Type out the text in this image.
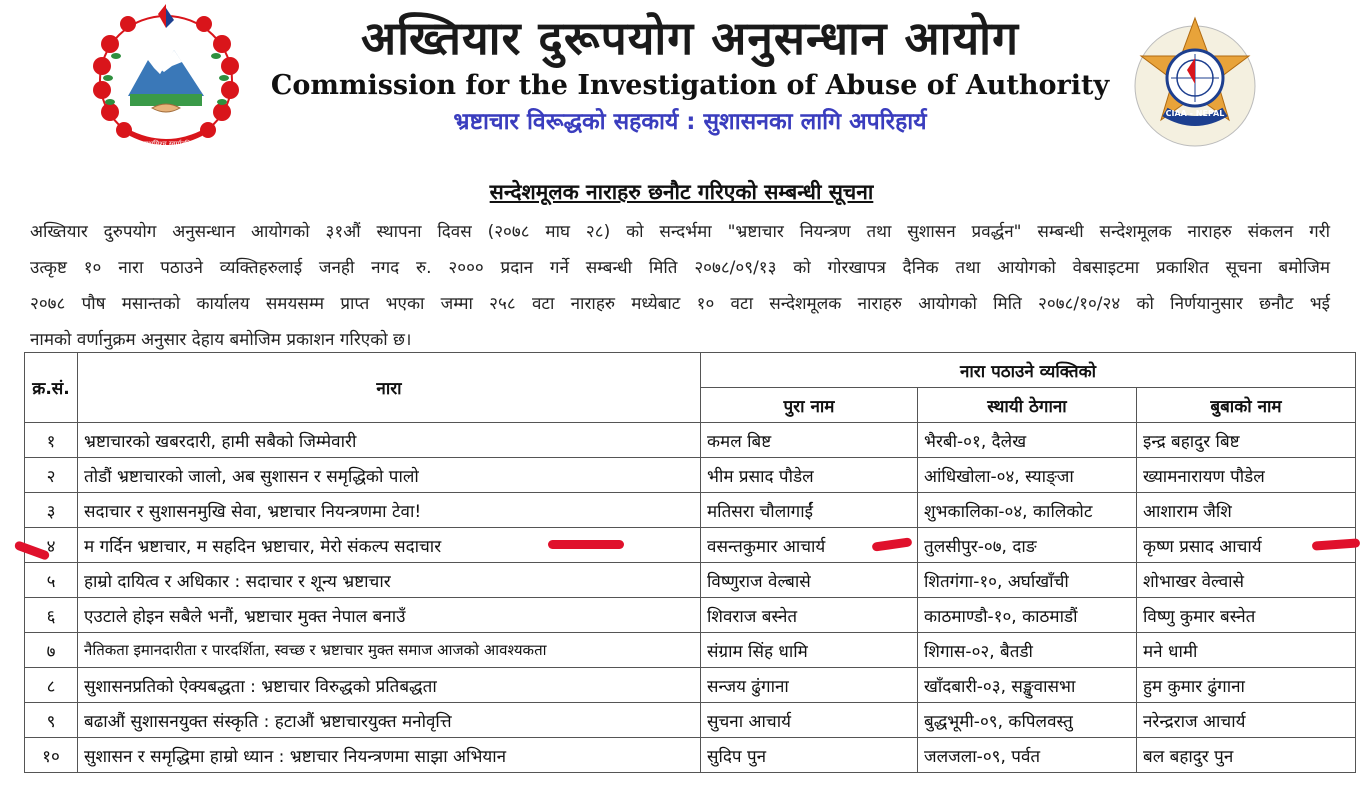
जननी जन्मभूमिश्च स्वर्गादपि गरीयसी
CIAA - NEPAL
अख्तियार दुरूपयोग अनुसन्धान आयोग
Commission for the Investigation of Abuse of Authority
भ्रष्टाचार विरूद्धको सहकार्य : सुशासनका लागि अपरिहार्य
सन्देशमूलक नाराहरु छनौट गरिएको सम्बन्धी सूचना

अख्तियार दुरुपयोग अनुसन्धान आयोगको ३१औं स्थापना दिवस (२०७८ माघ २८) को सन्दर्भमा "भ्रष्टाचार नियन्त्रण तथा सुशासन प्रवर्द्धन" सम्बन्धी सन्देशमूलक नाराहरु संकलन गरी
उत्कृष्ट १० नारा पठाउने व्यक्तिहरुलाई जनही नगद रु. २००० प्रदान गर्ने सम्बन्धी मिति २०७८/०९/१३ को गोरखापत्र दैनिक तथा आयोगको वेबसाइटमा प्रकाशित सूचना बमोजिम
२०७८ पौष मसान्तको कार्यालय समयसम्म प्राप्त भएका जम्मा २५८ वटा नाराहरु मध्येबाट १० वटा सन्देशमूलक नाराहरु आयोगको मिति २०७८/१०/२४ को निर्णयानुसार छनौट भई
नामको वर्णानुक्रम अनुसार देहाय बमोजिम प्रकाशन गरिएको छ।

क्र.सं.	नारा	नारा पठाउने व्यक्तिको		
		पुरा नाम	स्थायी ठेगाना	बुबाको नाम
१	भ्रष्टाचारको खबरदारी, हामी सबैको जिम्मेवारी	कमल बिष्ट	भैरबी-०१, दैलेख	इन्द्र बहादुर बिष्ट
२	तोडौं भ्रष्टाचारको जालो, अब सुशासन र समृद्धिको पालो	भीम प्रसाद पौडेल	आंधिखोला-०४, स्याङ्जा	ख्यामनारायण पौडेल
३	सदाचार र सुशासनमुखि सेवा, भ्रष्टाचार नियन्त्रणमा टेवा!	मतिसरा चौलागाईं	शुभकालिका-०४, कालिकोट	आशाराम जैशि
४	म गर्दिन भ्रष्टाचार, म सहदिन भ्रष्टाचार, मेरो संकल्प सदाचार	वसन्तकुमार आचार्य	तुलसीपुर-०७, दाङ	कृष्ण प्रसाद आचार्य
५	हाम्रो दायित्व र अधिकार : सदाचार र शून्य भ्रष्टाचार	विष्णुराज वेल्बासे	शितगंगा-१०, अर्घाखाँची	शोभाखर वेल्वासे
६	एउटाले होइन सबैले भनौं, भ्रष्टाचार मुक्त नेपाल बनाउँ	शिवराज बस्नेत	काठमाण्डौ-१०, काठमाडौं	विष्णु कुमार बस्नेत
७	नैतिकता इमानदारीता र पारदर्शिता, स्वच्छ र भ्रष्टाचार मुक्त समाज आजको आवश्यकता	संग्राम सिंह धामि	शिगास-०२, बैतडी	मने धामी
८	सुशासनप्रतिको ऐक्यबद्धता : भ्रष्टाचार विरुद्धको प्रतिबद्धता	सन्जय ढुंगाना	खाँदबारी-०३, सङ्खुवासभा	हुम कुमार ढुंगाना
९	बढाऔं सुशासनयुक्त संस्कृति : हटाऔं भ्रष्टाचारयुक्त मनोवृत्ति	सुचना आचार्य	बुद्धभूमी-०९, कपिलवस्तु	नरेन्द्रराज आचार्य
१०	सुशासन र समृद्धिमा हाम्रो ध्यान : भ्रष्टाचार नियन्त्रणमा साझा अभियान	सुदिप पुन	जलजला-०९, पर्वत	बल बहादुर पुन
